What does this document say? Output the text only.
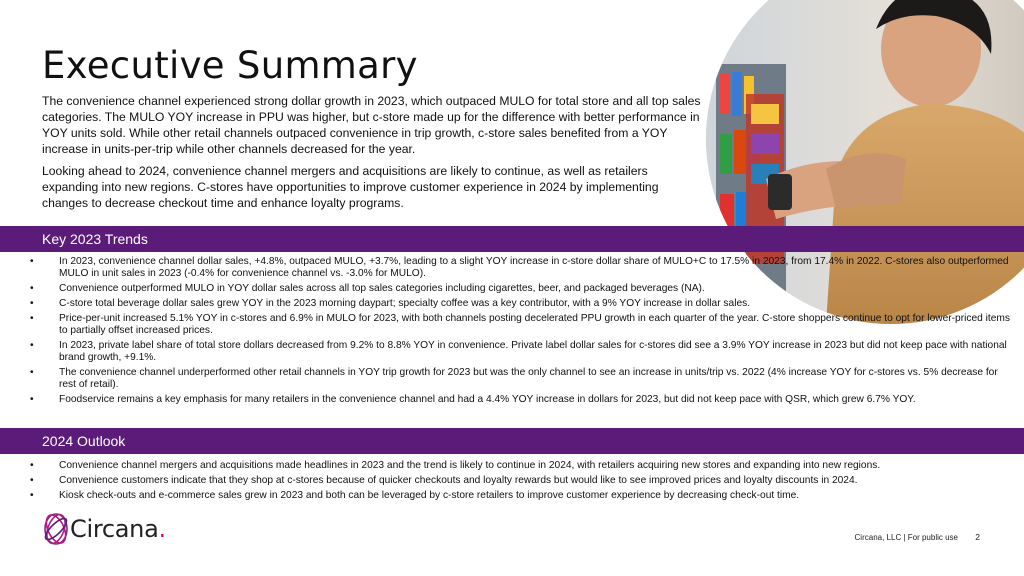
Executive Summary

The convenience channel experienced strong dollar growth in 2023, which outpaced MULO for total store and all top sales categories. The MULO YOY increase in PPU was higher, but c-store made up for the difference with better performance in YOY units sold. While other retail channels outpaced convenience in trip growth, c-store sales benefited from a YOY increase in units-per-trip while other channels decreased for the year.

Looking ahead to 2024, convenience channel mergers and acquisitions are likely to continue, as well as retailers expanding into new regions. C-stores have opportunities to improve customer experience in 2024 by implementing changes to decrease checkout time and enhance loyalty programs.

Key 2023 Trends
• In 2023, convenience channel dollar sales, +4.8%, outpaced MULO, +3.7%, leading to a slight YOY increase in c-store dollar share of MULO+C to 17.5% in 2023, from 17.4% in 2022. C-stores also outperformed MULO in unit sales in 2023 (-0.4% for convenience channel vs. -3.0% for MULO).
• Convenience outperformed MULO in YOY dollar sales across all top sales categories including cigarettes, beer, and packaged beverages (NA).
• C-store total beverage dollar sales grew YOY in the 2023 morning daypart; specialty coffee was a key contributor, with a 9% YOY increase in dollar sales.
• Price-per-unit increased 5.1% YOY in c-stores and 6.9% in MULO for 2023, with both channels posting decelerated PPU growth in each quarter of the year. C-store shoppers continue to opt for lower-priced items to partially offset increased prices.
• In 2023, private label share of total store dollars decreased from 9.2% to 8.8% YOY in convenience. Private label dollar sales for c-stores did see a 3.9% YOY increase in 2023 but did not keep pace with national brand growth, +9.1%.
• The convenience channel underperformed other retail channels in YOY trip growth for 2023 but was the only channel to see an increase in units/trip vs. 2022 (4% increase YOY for c-stores vs. 5% decrease for rest of retail).
• Foodservice remains a key emphasis for many retailers in the convenience channel and had a 4.4% YOY increase in dollars for 2023, but did not keep pace with QSR, which grew 6.7% YOY.
2024 Outlook
• Convenience channel mergers and acquisitions made headlines in 2023 and the trend is likely to continue in 2024, with retailers acquiring new stores and expanding into new regions.
• Convenience customers indicate that they shop at c-stores because of quicker checkouts and loyalty rewards but would like to see improved prices and loyalty discounts in 2024.
• Kiosk check-outs and e-commerce sales grew in 2023 and both can be leveraged by c-store retailers to improve customer experience by decreasing check-out time.
Circana.	Circana, LLC | For public use 2
